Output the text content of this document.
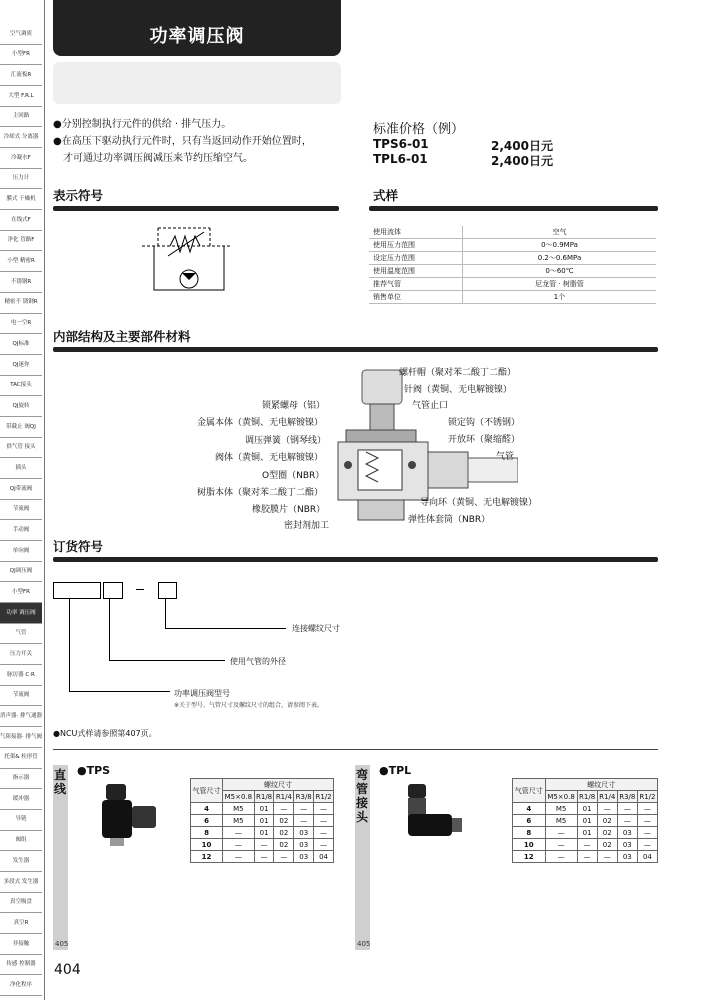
空气调质
小型FR
汇流板R
大型 F.R.L
主回路
冷却式 分离器
冷凝水F
压力计
膜式 干燥机
在线式F
净化 管路F
小型 精密R
不锈钢R
精密不 锈钢R
电一空R
QJ标准
QJ迷你
TAC接头
QJ旋转
带截止 阀QJ
供气管 接头
插头
QJ带流阀
节流阀
手动阀
单向阀
QJ调压阀
小型FR
功率 调压阀
气管
压力开关
脉厉器 C·R
节流阀
消声器· 排气通器
气阻接器· 排气阀
托架& 柱形管
指示器
缓冲器
导链
阀组
发生器
多段式 发生器
真空吸盘
真空R
非接触
传感 控制器
净化程序
功率调压阀

●分别控制执行元件的供给 · 排气压力。

●在高压下驱动执行元件时，只有当返回动作开始位置时，

　才可通过功率调压阀减压来节约压缩空气。

标准价格（例）
TPS6-01	2,400日元
TPL6-01	2,400日元
表示符号	式样
使用流体	空气
使用压力范围	0～0.9MPa
设定压力范围	0.2～0.6MPa
使用温度范围	0～60℃
推荐气管	尼龙管 · 树脂管
销售单位	1个
内部结构及主要部件材料
螺杆帽（聚对苯二酸丁二酯）
针阀（黄铜、无电解镀镍）
锁紧螺母（铝）	气管止口
金属本体（黄铜、无电解镀镍）	锁定钩（不锈钢）
调压弹簧（钢琴线）	开放环（聚缩醛）
阀体（黄铜、无电解镀镍）	气管
O型圈（NBR）
树脂本体（聚对苯二酸丁二酯）
导向环（黄铜、无电解镀镍）
橡胶膜片（NBR）
弹性体套筒（NBR）
密封剂加工
订货符号
连接螺纹尺寸
使用气管的外径
功率调压阀型号
※关于型号、气管尺寸及螺纹尺寸的组合，请参阅下表。
●NCU式样请参照第407页。
直线
405
●TPS
气管尺寸	螺纹尺寸				
	M5×0.8	R1/8	R1/4	R3/8	R1/2
4	M5	01	—	—	—
6	M5	01	02	—	—
8	—	01	02	03	—
10	—	—	02	03	—
12	—	—	—	03	04
弯管接头
405
●TPL
气管尺寸	螺纹尺寸				
	M5×0.8	R1/8	R1/4	R3/8	R1/2
4	M5	01	—	—	—
6	M5	01	02	—	—
8	—	01	02	03	—
10	—	—	02	03	—
12	—	—	—	03	04
404
